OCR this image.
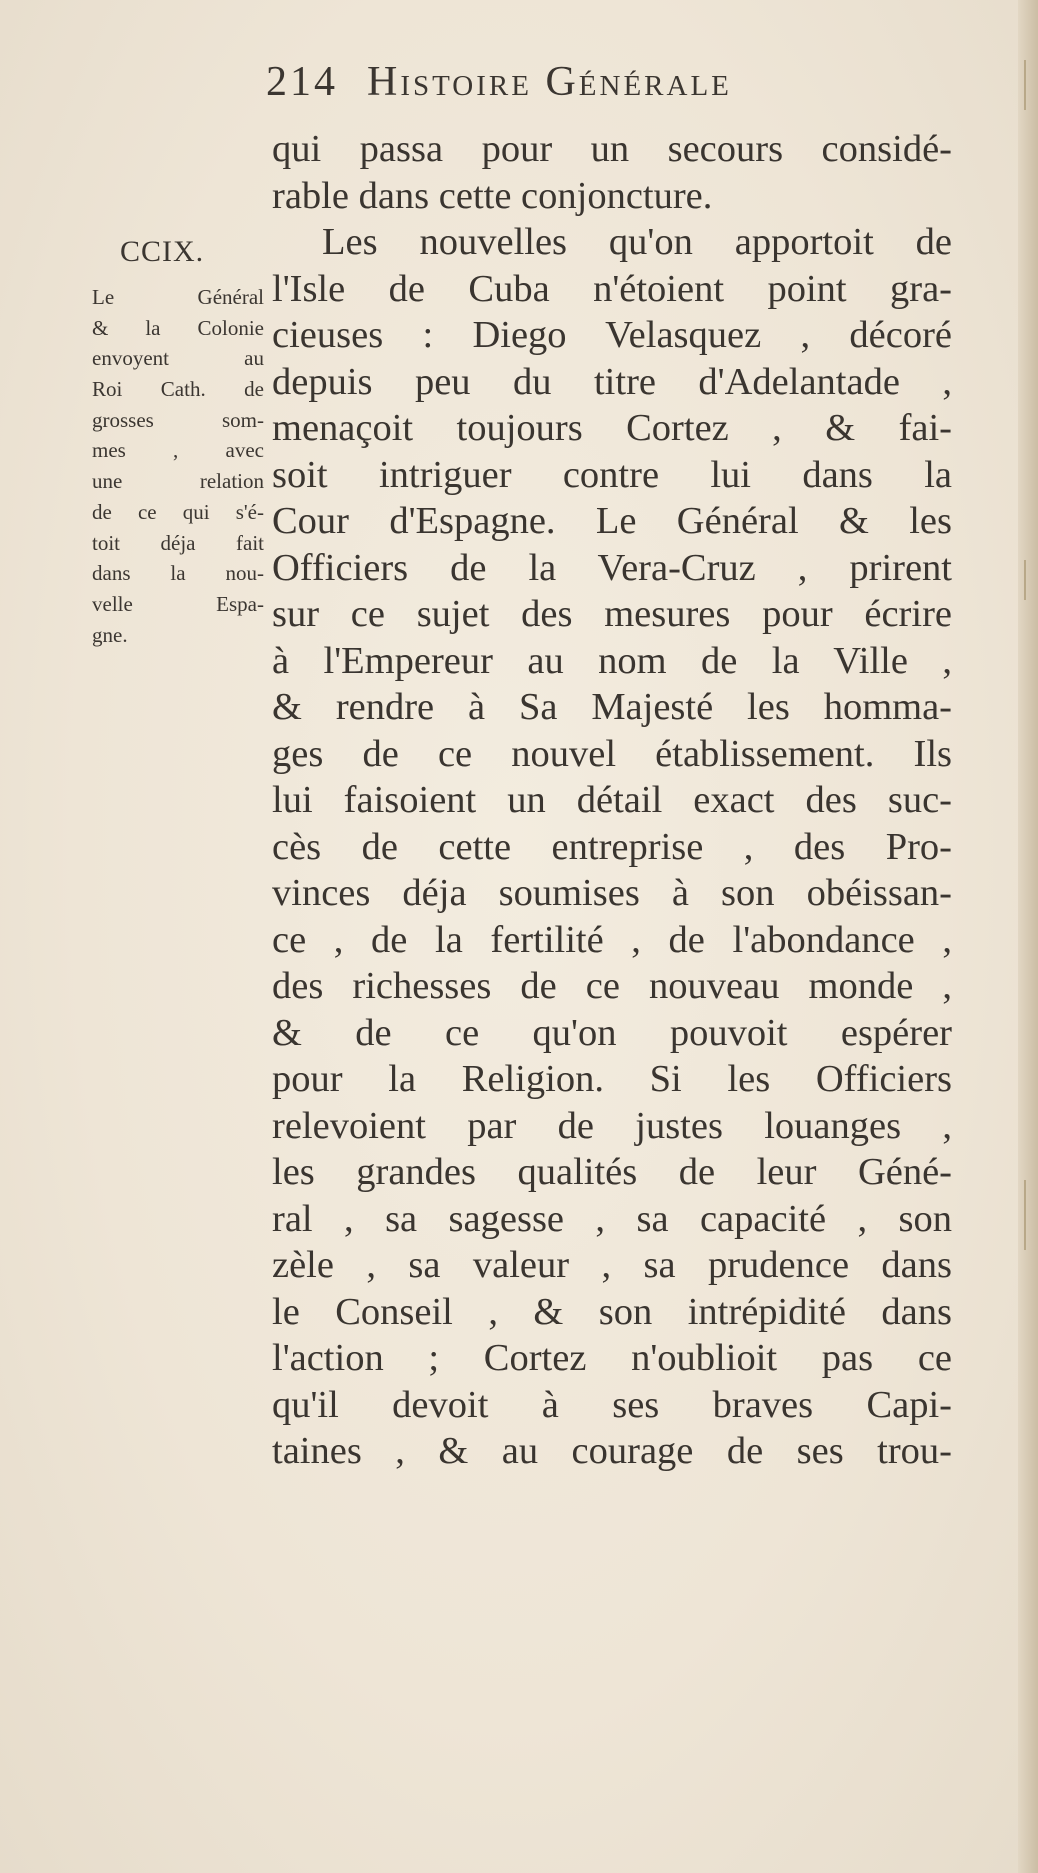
214 Histoire Générale
CCIX.
Le Général
& la Colonie
envoyent au
Roi Cath. de
grosses som-
mes , avec
une relation
de ce qui s'é-
toit déja fait
dans la nou-
velle Espa-
gne.
qui passa pour un secours considé-
rable dans cette conjonсture.
Les nouvelles qu'on apportoit de
l'Isle de Cuba n'étoient point gra-
cieuses : Diego Velasquez , décoré
depuis peu du titre d'Adelantade ,
menaçoit toujours Cortez , & fai-
soit intriguer contre lui dans la
Cour d'Espagne. Le Général & les
Officiers de la Vera-Cruz , prirent
sur ce sujet des mesures pour écrire
à l'Empereur au nom de la Ville ,
& rendre à Sa Majesté les homma-
ges de ce nouvel établissement. Ils
lui faisoient un détail exact des suc-
cès de cette entreprise , des Pro-
vinces déja soumises à son obéissan-
ce , de la fertilité , de l'abondance ,
des richesses de ce nouveau monde ,
& de ce qu'on pouvoit espérer
pour la Religion. Si les Officiers
relevoient par de justes louanges ,
les grandes qualités de leur Géné-
ral , sa sagesse , sa capacité , son
zèle , sa valeur , sa prudence dans
le Conseil , & son intrépidité dans
l'action ; Cortez n'oublioit pas ce
qu'il devoit à ses braves Capi-
taines , & au courage de ses trou-
